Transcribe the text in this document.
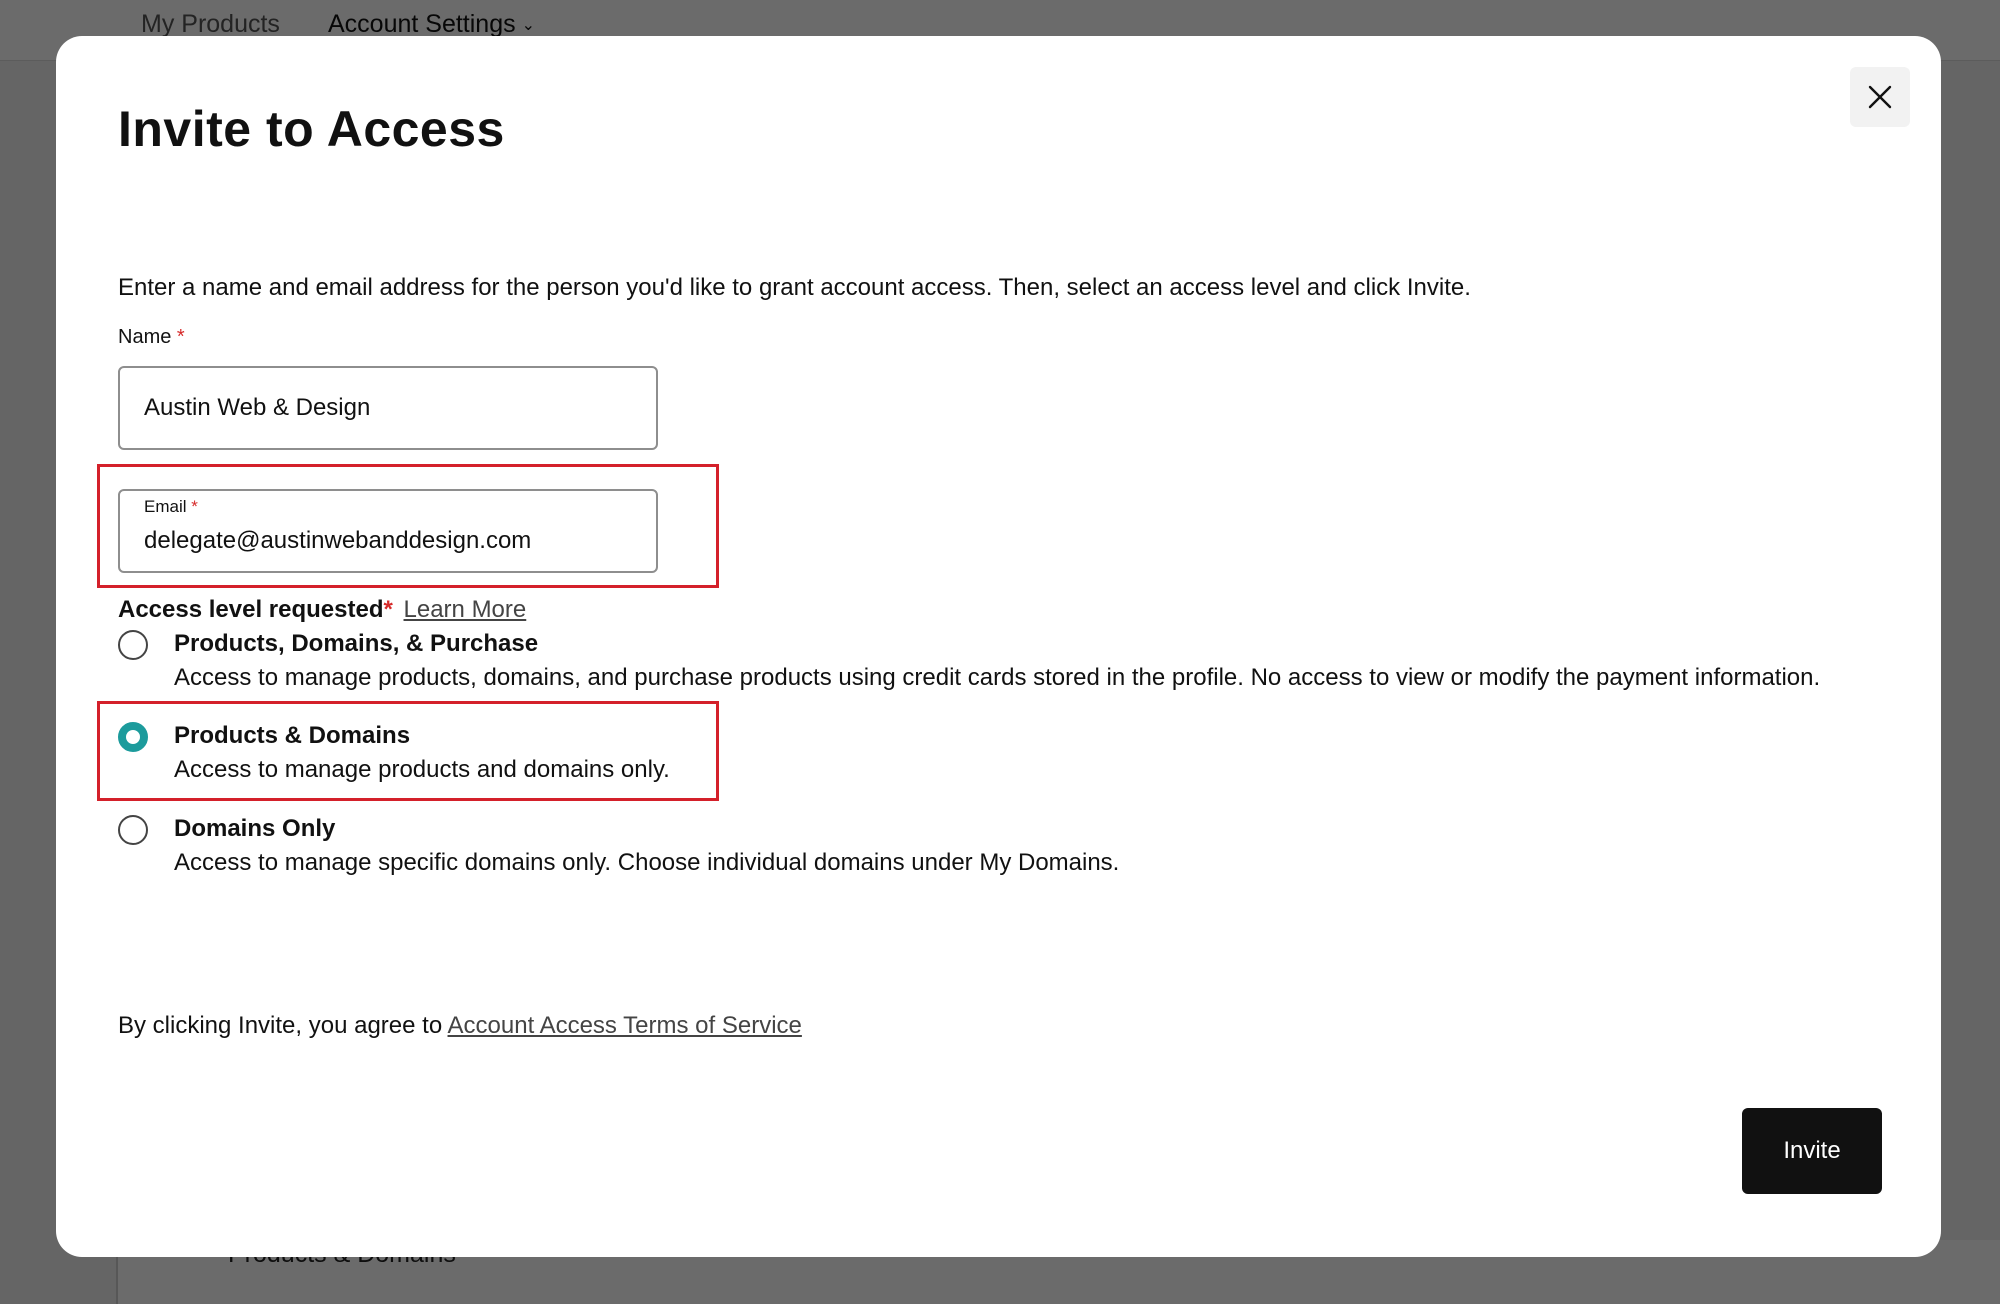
Invite to Access
Enter a name and email address for the person you'd like to grant account access. Then, select an access level and click Invite.
Name *
Austin Web & Design
Email *
delegate@austinwebanddesign.com
Access level requested* Learn More
Products, Domains, & Purchase
Access to manage products, domains, and purchase products using credit cards stored in the profile. No access to view or modify the payment information.
Products & Domains
Access to manage products and domains only.
Domains Only
Access to manage specific domains only. Choose individual domains under My Domains.
By clicking Invite, you agree to Account Access Terms of Service
Invite
